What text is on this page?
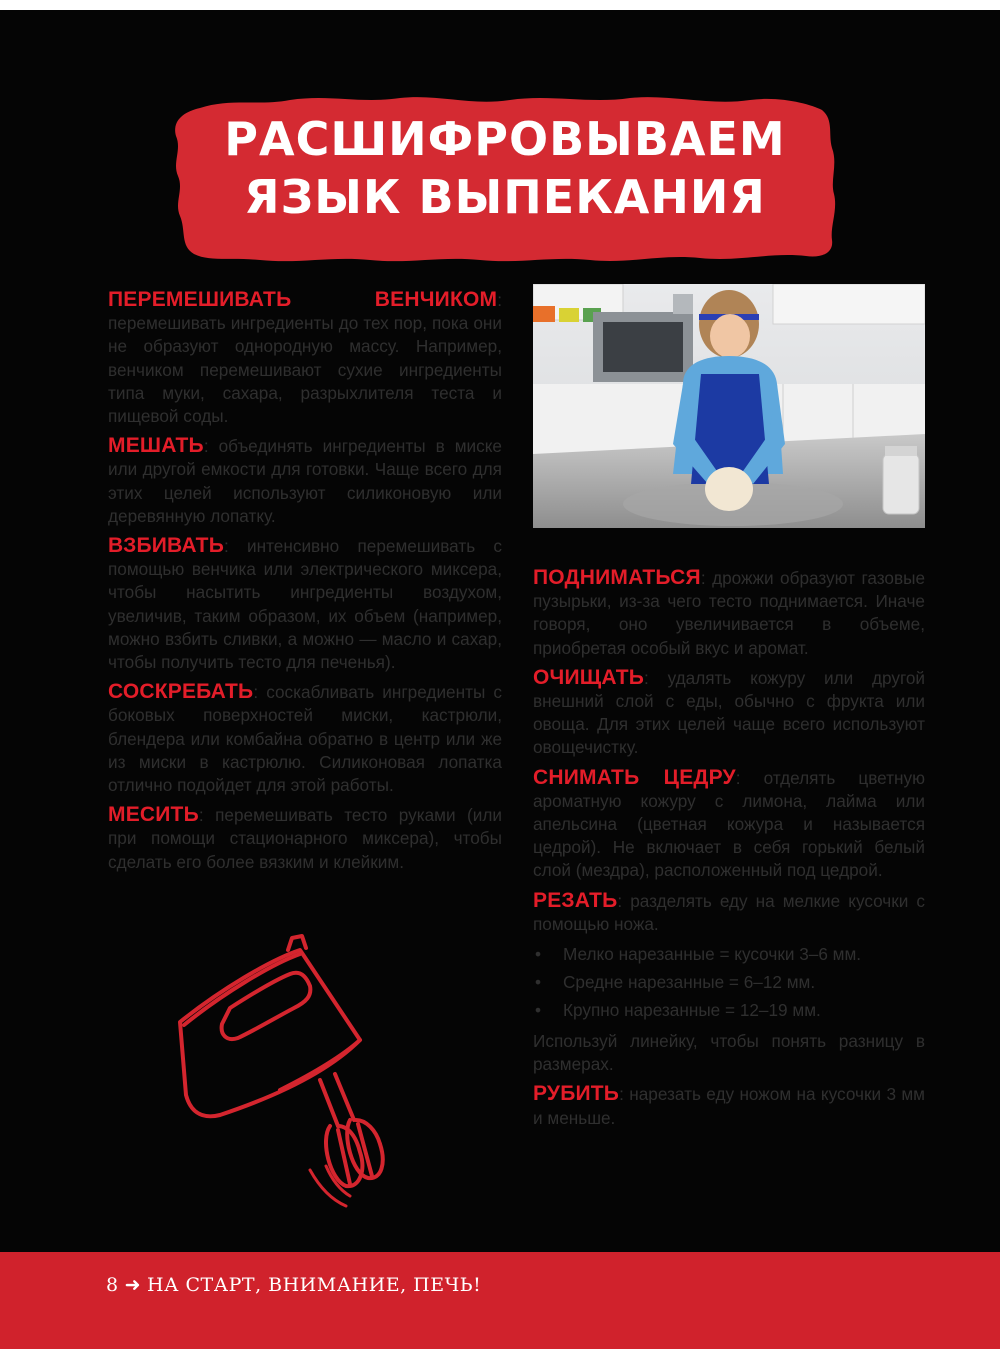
РАСШИФРОВЫВАЕМ
ЯЗЫК ВЫПЕКАНИЯ

ПЕРЕМЕШИВАТЬ ВЕНЧИКОМ: перемешивать ингредиенты до тех пор, пока они не образуют однородную массу. Например, венчиком перемешивают сухие ингредиенты типа муки, сахара, разрыхлителя теста и пищевой соды.

МЕШАТЬ: объединять ингредиенты в миске или другой емкости для готовки. Чаще всего для этих целей используют силиконовую или деревянную лопатку.

ВЗБИВАТЬ: интенсивно перемешивать с помощью венчика или электрического миксера, чтобы насытить ингредиенты воздухом, увеличив, таким образом, их объем (например, можно взбить сливки, а можно — масло и сахар, чтобы получить тесто для печенья).

СОСКРЕБАТЬ: соскабливать ингредиенты с боковых поверхностей миски, кастрюли, блендера или комбайна обратно в центр или же из миски в кастрюлю. Силиконовая лопатка отлично подойдет для этой работы.

МЕСИТЬ: перемешивать тесто руками (или при помощи стационарного миксера), чтобы сделать его более вязким и клейким.

ПОДНИМАТЬСЯ: дрожжи образуют газовые пузырьки, из-за чего тесто поднимается. Иначе говоря, оно увеличивается в объеме, приобретая особый вкус и аромат.

ОЧИЩАТЬ: удалять кожуру или другой внешний слой с еды, обычно с фрукта или овоща. Для этих целей чаще всего используют овощечистку.

СНИМАТЬ ЦЕДРУ: отделять цветную ароматную кожуру с лимона, лайма или апельсина (цветная кожура и называется цедрой). Не включает в себя горький белый слой (мездра), расположенный под цедрой.

РЕЗАТЬ: разделять еду на мелкие кусочки с помощью ножа.

• Мелко нарезанные = кусочки 3–6 мм.
• Средне нарезанные = 6–12 мм.
• Крупно нарезанные = 12–19 мм.

Используй линейку, чтобы понять разницу в размерах.

РУБИТЬ: нарезать еду ножом на кусочки 3 мм и меньше.

8 ➜ НА СТАРТ, ВНИМАНИЕ, ПЕЧЬ!
